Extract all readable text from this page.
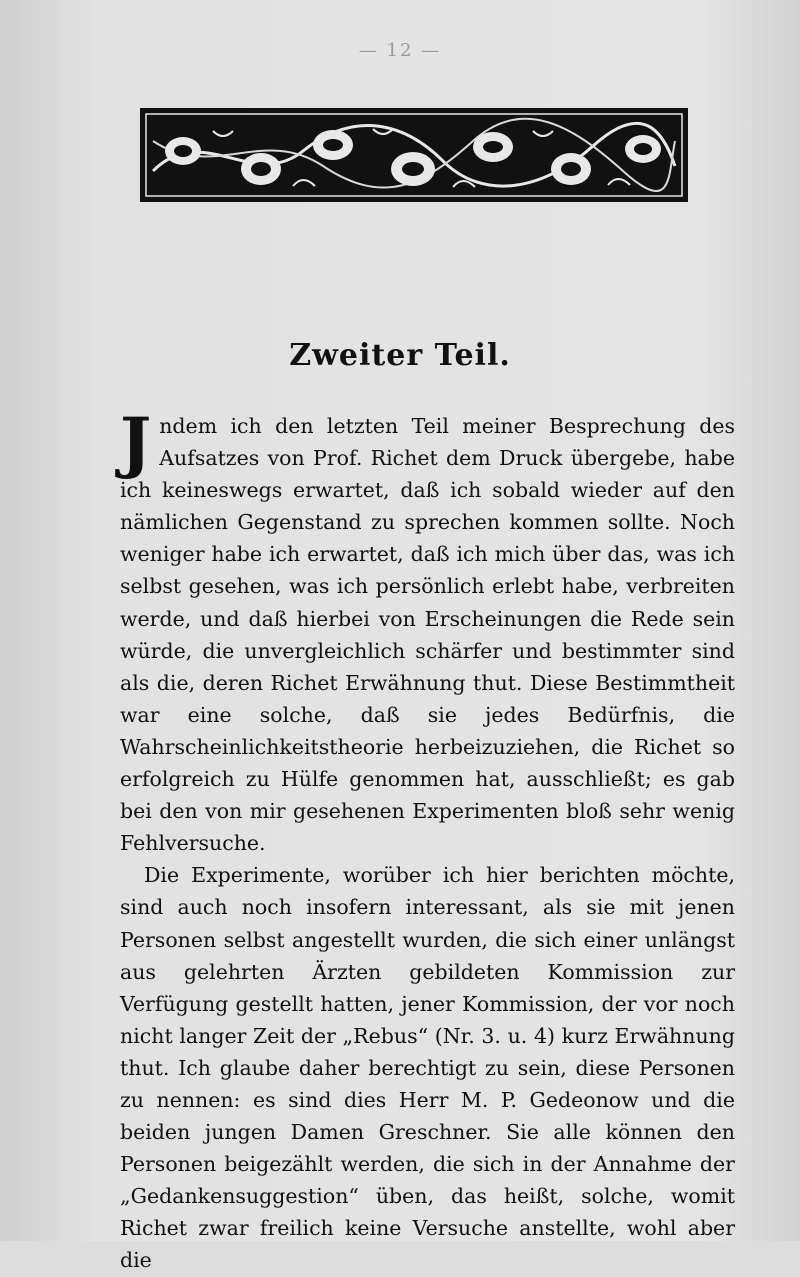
— 12 —
Zweiter Teil.

Jndem ich den letzten Teil meiner Besprechung des Aufsatzes von Prof. Richet dem Druck übergebe, habe ich keineswegs erwartet, daß ich sobald wieder auf den nämlichen Gegenstand zu sprechen kommen sollte. Noch weniger habe ich erwartet, daß ich mich über das, was ich selbst gesehen, was ich persönlich erlebt habe, verbreiten werde, und daß hierbei von Erscheinungen die Rede sein würde, die unvergleichlich schärfer und bestimmter sind als die, deren Richet Erwähnung thut. Diese Bestimmtheit war eine solche, daß sie jedes Bedürfnis, die Wahrscheinlichkeitstheorie herbeizuziehen, die Richet so erfolgreich zu Hülfe genommen hat, ausschließt; es gab bei den von mir gesehenen Experimenten bloß sehr wenig Fehlversuche.

Die Experimente, worüber ich hier berichten möchte, sind auch noch insofern interessant, als sie mit jenen Personen selbst angestellt wurden, die sich einer unlängst aus gelehrten Ärzten gebildeten Kommission zur Verfügung gestellt hatten, jener Kommission, der vor noch nicht langer Zeit der „Rebus“ (Nr. 3. u. 4) kurz Erwähnung thut. Ich glaube daher berechtigt zu sein, diese Personen zu nennen: es sind dies Herr M. P. Gedeonow und die beiden jungen Damen Greschner. Sie alle können den Personen beigezählt werden, die sich in der Annahme der „Gedankensuggestion“ üben, das heißt, solche, womit Richet zwar freilich keine Versuche anstellte, wohl aber die
